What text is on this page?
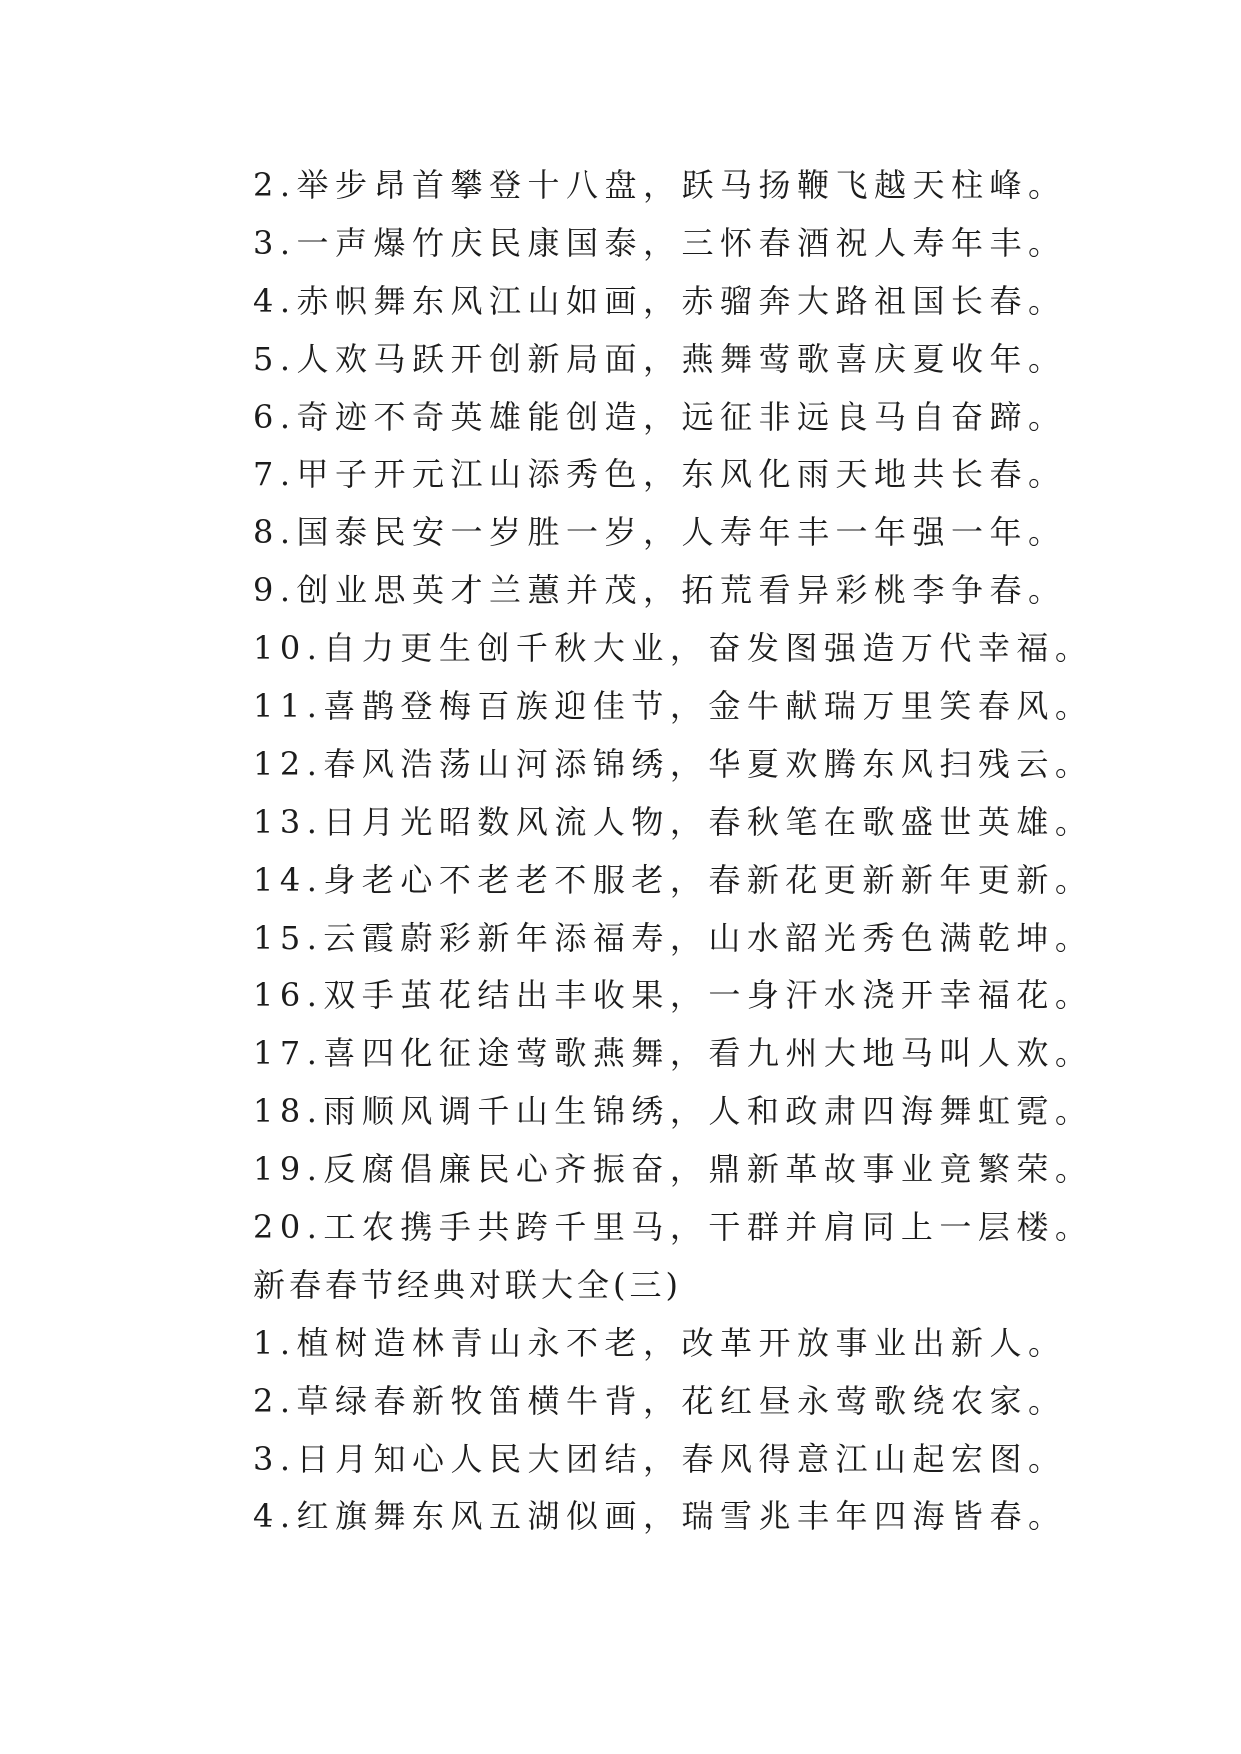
2.举步昂首攀登十八盘，跃马扬鞭飞越天柱峰。
3.一声爆竹庆民康国泰，三怀春酒祝人寿年丰。
4.赤帜舞东风江山如画，赤骝奔大路祖国长春。
5.人欢马跃开创新局面，燕舞莺歌喜庆夏收年。
6.奇迹不奇英雄能创造，远征非远良马自奋蹄。
7.甲子开元江山添秀色，东风化雨天地共长春。
8.国泰民安一岁胜一岁，人寿年丰一年强一年。
9.创业思英才兰蕙并茂，拓荒看异彩桃李争春。
10.自力更生创千秋大业，奋发图强造万代幸福。
11.喜鹊登梅百族迎佳节，金牛献瑞万里笑春风。
12.春风浩荡山河添锦绣，华夏欢腾东风扫残云。
13.日月光昭数风流人物，春秋笔在歌盛世英雄。
14.身老心不老老不服老，春新花更新新年更新。
15.云霞蔚彩新年添福寿，山水韶光秀色满乾坤。
16.双手茧花结出丰收果，一身汗水浇开幸福花。
17.喜四化征途莺歌燕舞，看九州大地马叫人欢。
18.雨顺风调千山生锦绣，人和政肃四海舞虹霓。
19.反腐倡廉民心齐振奋，鼎新革故事业竟繁荣。
20.工农携手共跨千里马，干群并肩同上一层楼。
新春春节经典对联大全(三)
1.植树造林青山永不老，改革开放事业出新人。
2.草绿春新牧笛横牛背，花红昼永莺歌绕农家。
3.日月知心人民大团结，春风得意江山起宏图。
4.红旗舞东风五湖似画，瑞雪兆丰年四海皆春。
